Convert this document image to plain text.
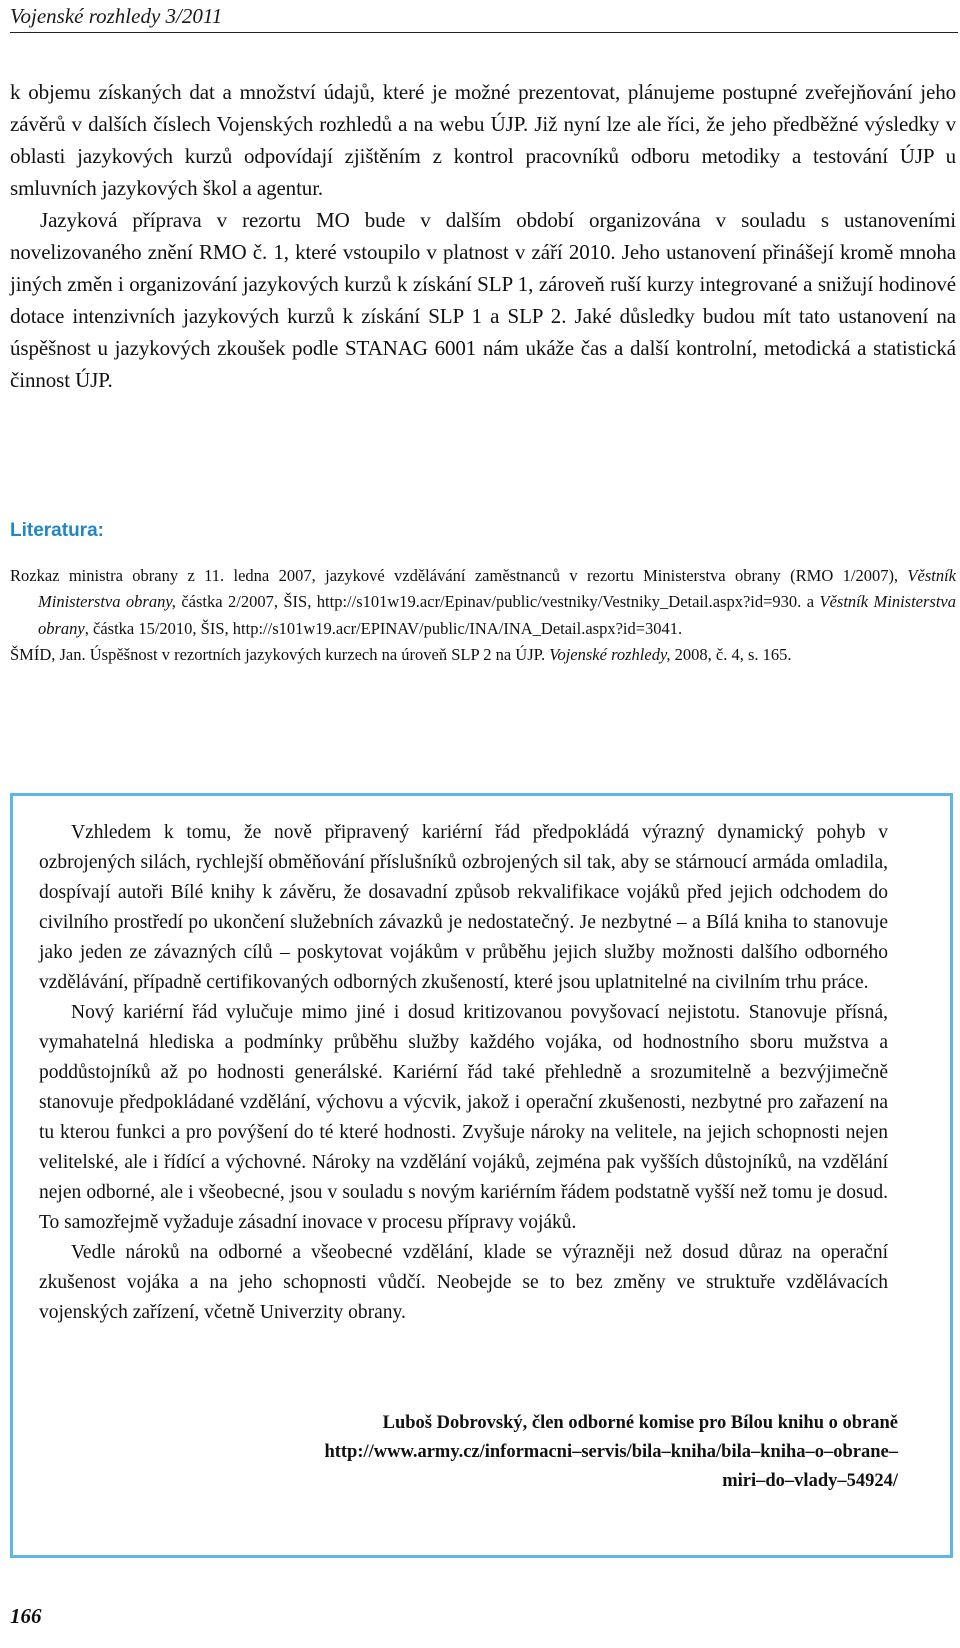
Vojenské rozhledy 3/2011

k objemu získaných dat a množství údajů, které je možné prezentovat, plánujeme postupné zveřejňování jeho závěrů v dalších číslech Vojenských rozhledů a na webu ÚJP. Již nyní lze ale říci, že jeho předběžné výsledky v oblasti jazykových kurzů odpovídají zjištěním z kontrol pracovníků odboru metodiky a testování ÚJP u smluvních jazykových škol a agentur.

Jazyková příprava v rezortu MO bude v dalším období organizována v souladu s ustanoveními novelizovaného znění RMO č. 1, které vstoupilo v platnost v září 2010. Jeho ustanovení přinášejí kromě mnoha jiných změn i organizování jazykových kurzů k získání SLP 1, zároveň ruší kurzy integrované a snižují hodinové dotace intenzivních jazykových kurzů k získání SLP 1 a SLP 2. Jaké důsledky budou mít tato ustanovení na úspěšnost u jazykových zkoušek podle STANAG 6001 nám ukáže čas a další kontrolní, metodická a statistická činnost ÚJP.

Literatura:

Rozkaz ministra obrany z 11. ledna 2007, jazykové vzdělávání zaměstnanců v rezortu Ministerstva obrany (RMO 1/2007), Věstník Ministerstva obrany, částka 2/2007, ŠIS, http://s101w19.acr/Epinav/public/vestniky/Vestniky_Detail.aspx?id=930. a Věstník Ministerstva obrany, částka 15/2010, ŠIS, http://s101w19.acr/EPINAV/public/INA/INA_Detail.aspx?id=3041.

ŠMÍD, Jan. Úspěšnost v rezortních jazykových kurzech na úroveň SLP 2 na ÚJP. Vojenské rozhledy, 2008, č. 4, s. 165.

Vzhledem k tomu, že nově připravený kariérní řád předpokládá výrazný dynamický pohyb v ozbrojených silách, rychlejší obměňování příslušníků ozbrojených sil tak, aby se stárnoucí armáda omladila, dospívají autoři Bílé knihy k závěru, že dosavadní způsob rekvalifikace vojáků před jejich odchodem do civilního prostředí po ukončení služebních závazků je nedostatečný. Je nezbytné – a Bílá kniha to stanovuje jako jeden ze závazných cílů – poskytovat vojákům v průběhu jejich služby možnosti dalšího odborného vzdělávání, případně certifikovaných odborných zkušeností, které jsou uplatnitelné na civilním trhu práce.

Nový kariérní řád vylučuje mimo jiné i dosud kritizovanou povyšovací nejistotu. Stanovuje přísná, vymahatelná hlediska a podmínky průběhu služby každého vojáka, od hodnostního sboru mužstva a poddůstojníků až po hodnosti generálské. Kariérní řád také přehledně a srozumitelně a bezvýjimečně stanovuje předpokládané vzdělání, výchovu a výcvik, jakož i operační zkušenosti, nezbytné pro zařazení na tu kterou funkci a pro povýšení do té které hodnosti. Zvyšuje nároky na velitele, na jejich schopnosti nejen velitelské, ale i řídící a výchovné. Nároky na vzdělání vojáků, zejména pak vyšších důstojníků, na vzdělání nejen odborné, ale i všeobecné, jsou v souladu s novým kariérním řádem podstatně vyšší než tomu je dosud. To samozřejmě vyžaduje zásadní inovace v procesu přípravy vojáků.

Vedle nároků na odborné a všeobecné vzdělání, klade se výrazněji než dosud důraz na operační zkušenost vojáka a na jeho schopnosti vůdčí. Neobejde se to bez změny ve struktuře vzdělávacích vojenských zařízení, včetně Univerzity obrany.

Luboš Dobrovský, člen odborné komise pro Bílou knihu o obraně
http://www.army.cz/informacni–servis/bila–kniha/bila–kniha–o–obrane–
miri–do–vlady–54924/
166
